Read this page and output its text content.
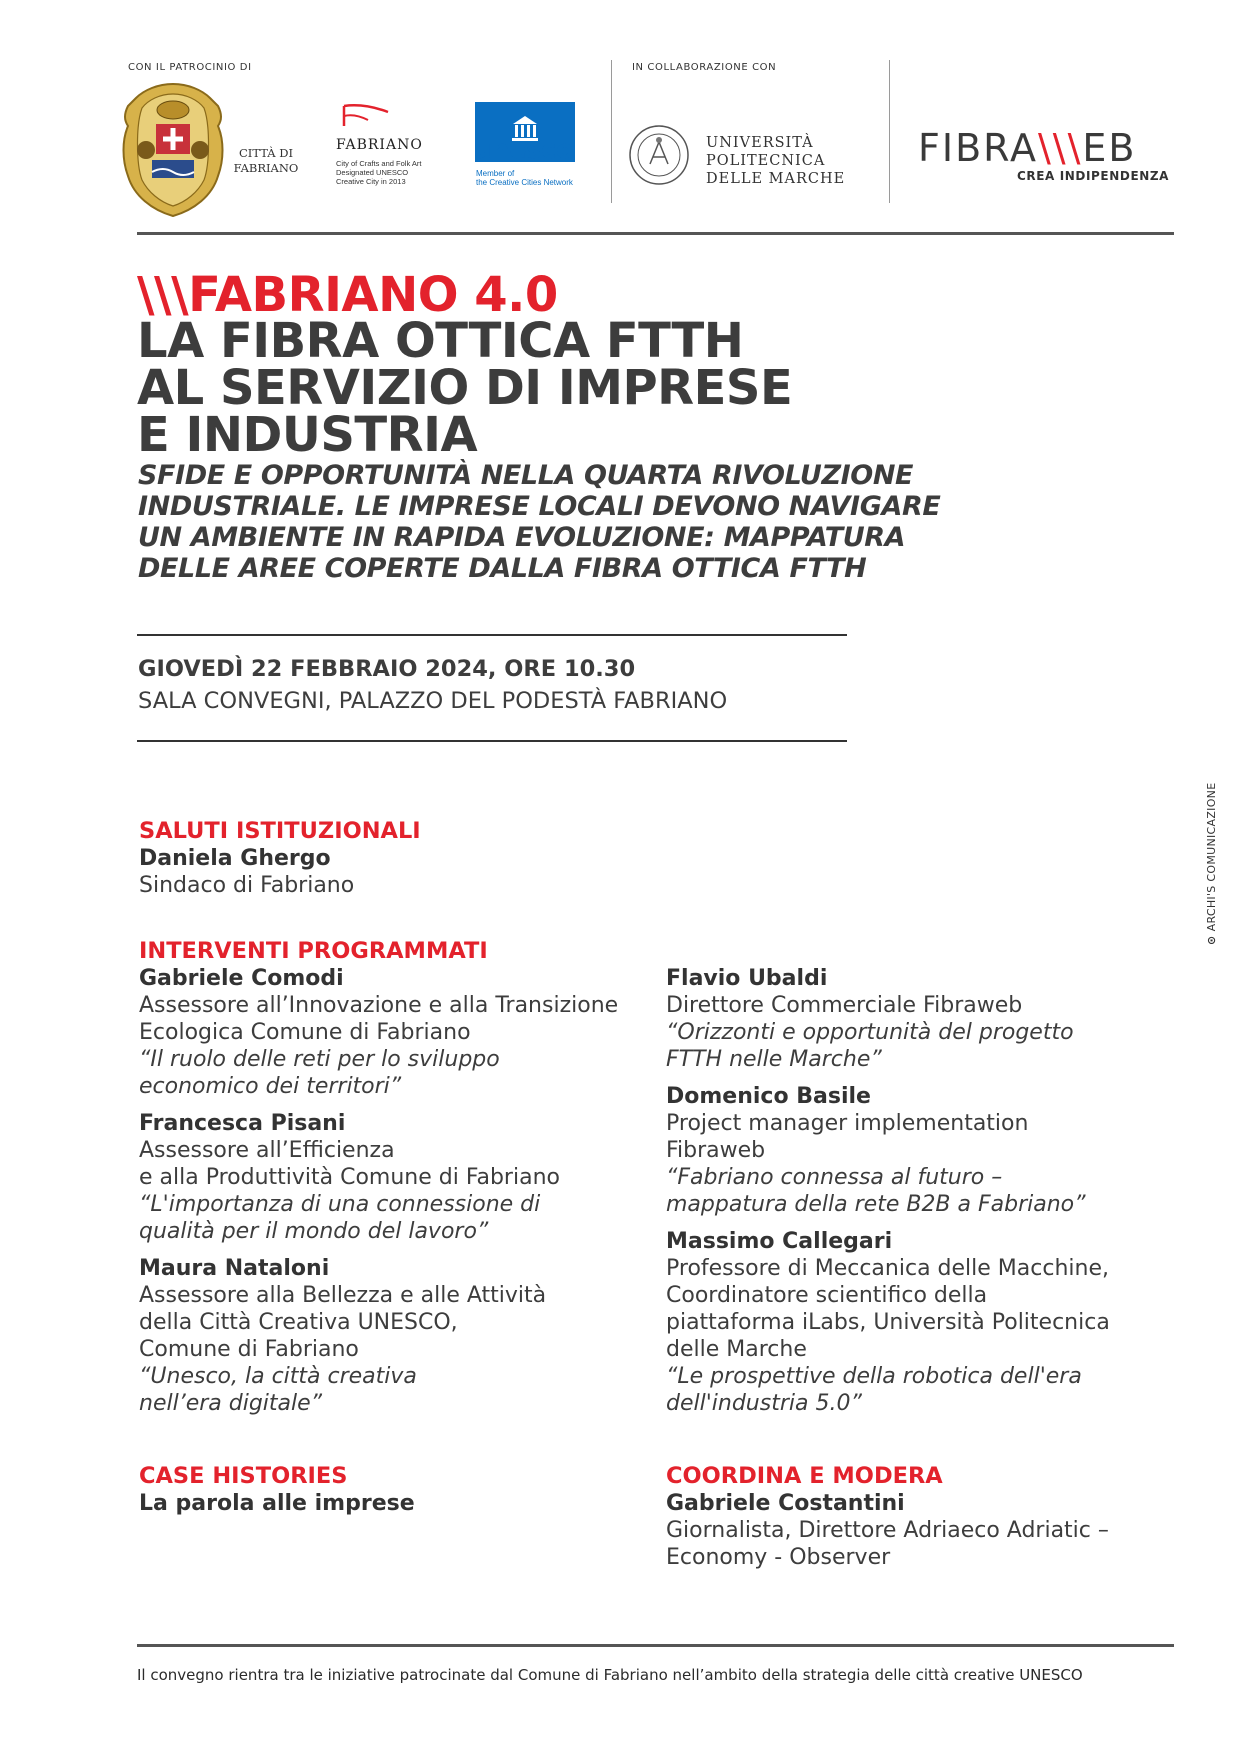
CON IL PATROCINIO DI	IN COLLABORAZIONE CON
CITTÀ DI
FABRIANO
FABRIANO
City of Crafts and Folk Art
Designated UNESCO
Creative City in 2013
unesco
Member of
the Creative Cities Network
UNIVERSITÀ
POLITECNICA
DELLE MARCHE
FIBRA\\\EB
CREA INDIPENDENZA
\\\FABRIANO 4.0
LA FIBRA OTTICA FTTH
AL SERVIZIO DI IMPRESE
E INDUSTRIA
SFIDE E OPPORTUNITÀ NELLA QUARTA RIVOLUZIONE
INDUSTRIALE. LE IMPRESE LOCALI DEVONO NAVIGARE
UN AMBIENTE IN RAPIDA EVOLUZIONE: MAPPATURA
DELLE AREE COPERTE DALLA FIBRA OTTICA FTTH
GIOVEDÌ 22 FEBBRAIO 2024, ORE 10.30
SALA CONVEGNI, PALAZZO DEL PODESTÀ FABRIANO
⊙ ARCHI'S COMUNICAZIONE
SALUTI ISTITUZIONALI
Daniela Ghergo
Sindaco di Fabriano
INTERVENTI PROGRAMMATI
Gabriele Comodi
Assessore all’Innovazione e alla Transizione
Ecologica Comune di Fabriano
“Il ruolo delle reti per lo sviluppo
economico dei territori”
Francesca Pisani
Assessore all’Efficienza
e alla Produttività Comune di Fabriano
“L'importanza di una connessione di
qualità per il mondo del lavoro”
Maura Nataloni
Assessore alla Bellezza e alle Attività
della Città Creativa UNESCO,
Comune di Fabriano
“Unesco, la città creativa
nell’era digitale”
Flavio Ubaldi
Direttore Commerciale Fibraweb
“Orizzonti e opportunità del progetto
FTTH nelle Marche”
Domenico Basile
Project manager implementation
Fibraweb
“Fabriano connessa al futuro –
mappatura della rete B2B a Fabriano”
Massimo Callegari
Professore di Meccanica delle Macchine,
Coordinatore scientifico della
piattaforma iLabs, Università Politecnica
delle Marche
“Le prospettive della robotica dell'era
dell'industria 5.0”
CASE HISTORIES
La parola alle imprese
COORDINA E MODERA
Gabriele Costantini
Giornalista, Direttore Adriaeco Adriatic –
Economy - Observer
Il convegno rientra tra le iniziative patrocinate dal Comune di Fabriano nell’ambito della strategia delle città creative UNESCO
